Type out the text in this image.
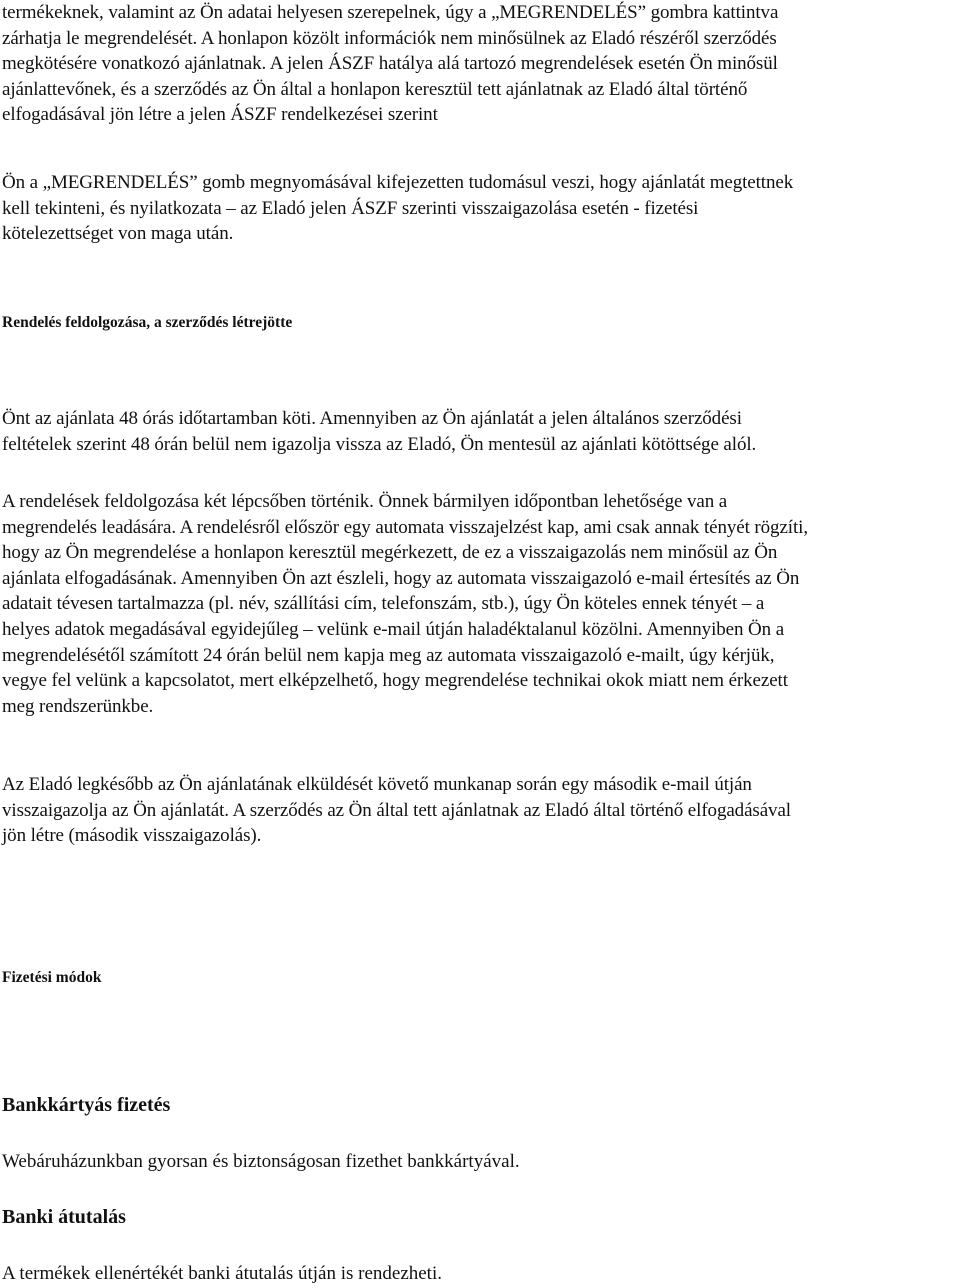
termékeknek, valamint az Ön adatai helyesen szerepelnek, úgy a „MEGRENDELÉS” gombra kattintva
zárhatja le megrendelését. A honlapon közölt információk nem minősülnek az Eladó részéről szerződés
megkötésére vonatkozó ajánlatnak. A jelen ÁSZF hatálya alá tartozó megrendelések esetén Ön minősül
ajánlattevőnek, és a szerződés az Ön által a honlapon keresztül tett ajánlatnak az Eladó által történő
elfogadásával jön létre a jelen ÁSZF rendelkezései szerint
Ön a „MEGRENDELÉS” gomb megnyomásával kifejezetten tudomásul veszi, hogy ajánlatát megtettnek
kell tekinteni, és nyilatkozata – az Eladó jelen ÁSZF szerinti visszaigazolása esetén - fizetési
kötelezettséget von maga után.
Rendelés feldolgozása, a szerződés létrejötte
Önt az ajánlata 48 órás időtartamban köti. Amennyiben az Ön ajánlatát a jelen általános szerződési
feltételek szerint 48 órán belül nem igazolja vissza az Eladó, Ön mentesül az ajánlati kötöttsége alól.
A rendelések feldolgozása két lépcsőben történik. Önnek bármilyen időpontban lehetősége van a
megrendelés leadására. A rendelésről először egy automata visszajelzést kap, ami csak annak tényét rögzíti,
hogy az Ön megrendelése a honlapon keresztül megérkezett, de ez a visszaigazolás nem minősül az Ön
ajánlata elfogadásának. Amennyiben Ön azt észleli, hogy az automata visszaigazoló e-mail értesítés az Ön
adatait tévesen tartalmazza (pl. név, szállítási cím, telefonszám, stb.), úgy Ön köteles ennek tényét – a
helyes adatok megadásával egyidejűleg – velünk e-mail útján haladéktalanul közölni. Amennyiben Ön a
megrendelésétől számított 24 órán belül nem kapja meg az automata visszaigazoló e-mailt, úgy kérjük,
vegye fel velünk a kapcsolatot, mert elképzelhető, hogy megrendelése technikai okok miatt nem érkezett
meg rendszerünkbe.
Az Eladó legkésőbb az Ön ajánlatának elküldését követő munkanap során egy második e-mail útján
visszaigazolja az Ön ajánlatát. A szerződés az Ön által tett ajánlatnak az Eladó által történő elfogadásával
jön létre (második visszaigazolás).
Fizetési módok
Bankkártyás fizetés
Webáruházunkban gyorsan és biztonságosan fizethet bankkártyával.
Banki átutalás
A termékek ellenértékét banki átutalás útján is rendezheti.
